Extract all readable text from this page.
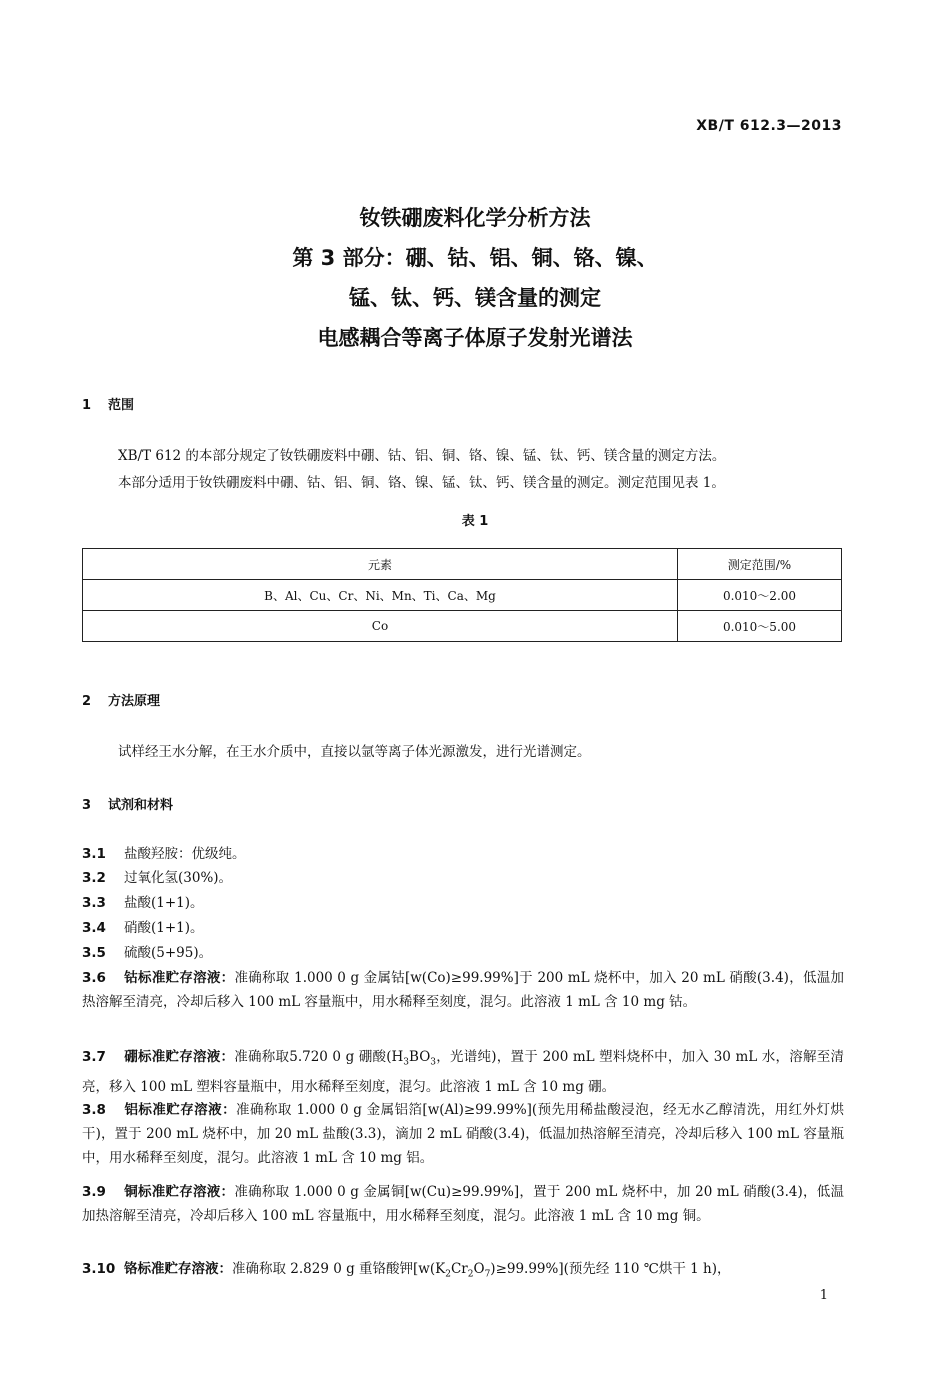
XB/T 612.3—2013
钕铁硼废料化学分析方法
第 3 部分：硼、钴、铝、铜、铬、镍、
锰、钛、钙、镁含量的测定
电感耦合等离子体原子发射光谱法
1 范围
XB/T 612 的本部分规定了钕铁硼废料中硼、钴、铝、铜、铬、镍、锰、钛、钙、镁含量的测定方法。
本部分适用于钕铁硼废料中硼、钴、铝、铜、铬、镍、锰、钛、钙、镁含量的测定。测定范围见表 1。
表 1
元素	测定范围/%
B、Al、Cu、Cr、Ni、Mn、Ti、Ca、Mg	0.010～2.00
Co	0.010～5.00
2 方法原理
试样经王水分解，在王水介质中，直接以氩等离子体光源激发，进行光谱测定。
3 试剂和材料
3.1 盐酸羟胺：优级纯。
3.2 过氧化氢(30%)。
3.3 盐酸(1+1)。
3.4 硝酸(1+1)。
3.5 硫酸(5+95)。
3.6 钴标准贮存溶液：准确称取 1.000 0 g 金属钴[w(Co)≥99.99%]于 200 mL 烧杯中，加入 20 mL 硝酸(3.4)，低温加热溶解至清亮，冷却后移入 100 mL 容量瓶中，用水稀释至刻度，混匀。此溶液 1 mL 含 10 mg 钴。
3.7 硼标准贮存溶液：准确称取5.720 0 g 硼酸($H_3BO_3$，光谱纯)，置于 200 mL 塑料烧杯中，加入 30 mL 水，溶解至清亮，移入 100 mL 塑料容量瓶中，用水稀释至刻度，混匀。此溶液 1 mL 含 10 mg 硼。
3.8 铝标准贮存溶液：准确称取 1.000 0 g 金属铝箔[w(Al)≥99.99%](预先用稀盐酸浸泡，经无水乙醇清洗，用红外灯烘干)，置于 200 mL 烧杯中，加 20 mL 盐酸(3.3)，滴加 2 mL 硝酸(3.4)，低温加热溶解至清亮，冷却后移入 100 mL 容量瓶中，用水稀释至刻度，混匀。此溶液 1 mL 含 10 mg 铝。
3.9 铜标准贮存溶液：准确称取 1.000 0 g 金属铜[w(Cu)≥99.99%]，置于 200 mL 烧杯中，加 20 mL 硝酸(3.4)，低温加热溶解至清亮，冷却后移入 100 mL 容量瓶中，用水稀释至刻度，混匀。此溶液 1 mL 含 10 mg 铜。
3.10 铬标准贮存溶液：准确称取 2.829 0 g 重铬酸钾$[w(K_2Cr_2O_7)\ge 99.99\%]$(预先经 110 ℃烘干 1 h)，
1
